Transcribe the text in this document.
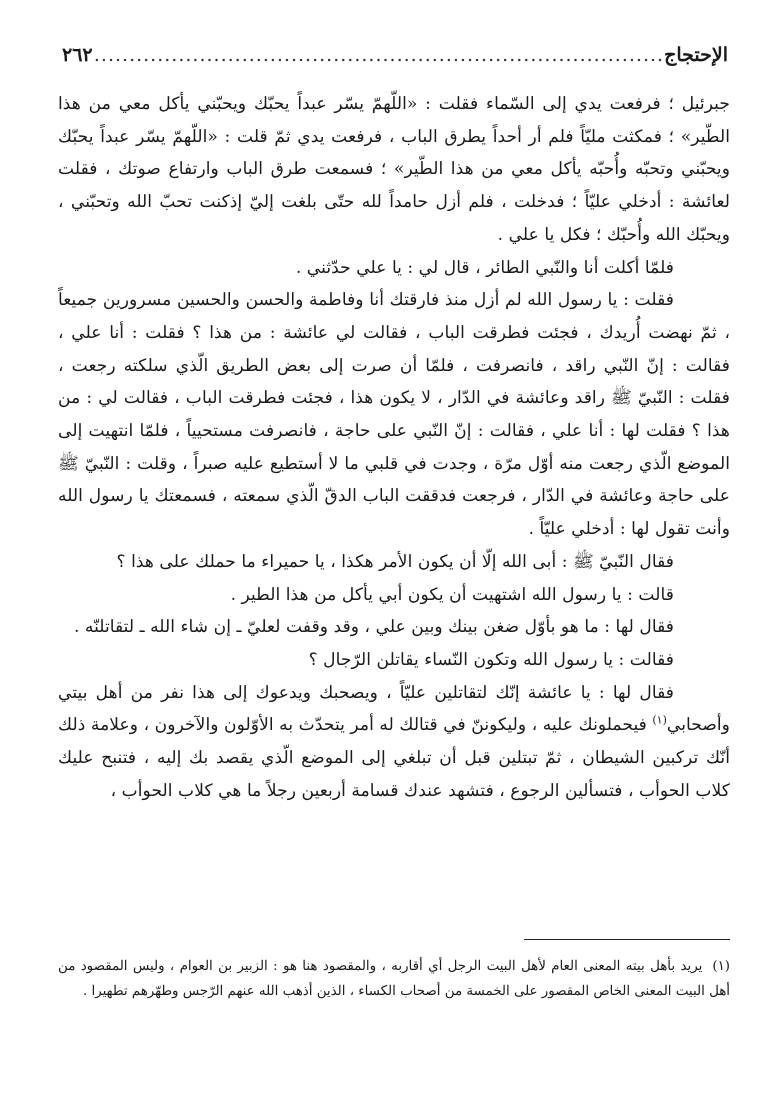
الإحتجاج
.....
٢٦٢

جبرئيل ؛ فرفعت يدي إلى السّماء فقلت : «اللّهمّ يسّر عبداً يحبّك ويحبّني يأكل معي من هذا الطّير» ؛ فمكثت مليّاً فلم أر أحداً يطرق الباب ، فرفعت يدي ثمّ قلت : «اللّهمّ يسّر عبداً يحبّك ويحبّني وتحبّه وأُحبّه يأكل معي من هذا الطّير» ؛ فسمعت طرق الباب وارتفاع صوتك ، فقلت لعائشة : أدخلي عليّاً ؛ فدخلت ، فلم أزل حامداً لله حتّى بلغت إليّ إذكنت تحبّ الله وتحبّني ، ويحبّك الله وأُحبّك ؛ فكل يا علي .

فلمّا أكلت أنا والنّبي الطائر ، قال لي : يا علي حدّثني .

فقلت : يا رسول الله لم أزل منذ فارقتك أنا وفاطمة والحسن والحسين مسرورين جميعاً ، ثمّ نهضت أُريدك ، فجئت فطرقت الباب ، فقالت لي عائشة : من هذا ؟ فقلت : أنا علي ، فقالت : إنّ النّبي راقد ، فانصرفت ، فلمّا أن صرت إلى بعض الطريق الّذي سلكته رجعت ، فقلت : النّبيّ ﷺ راقد وعائشة في الدّار ، لا يكون هذا ، فجئت فطرقت الباب ، فقالت لي : من هذا ؟ فقلت لها : أنا علي ، فقالت : إنّ النّبي على حاجة ، فانصرفت مستحيياً ، فلمّا انتهيت إلى الموضع الّذي رجعت منه أوّل مرّة ، وجدت في قلبي ما لا أستطيع عليه صبراً ، وقلت : النّبيّ ﷺ على حاجة وعائشة في الدّار ، فرجعت فدققت الباب الدقّ الّذي سمعته ، فسمعتك يا رسول الله وأنت تقول لها : أدخلي عليّاً .

فقال النّبيّ ﷺ : أبى الله إلّا أن يكون الأمر هكذا ، يا حميراء ما حملك على هذا ؟

قالت : يا رسول الله اشتهيت أن يكون أبي يأكل من هذا الطير .

فقال لها : ما هو بأوّل ضغن بينك وبين علي ، وقد وقفت لعليّ ـ إن شاء الله ـ لتقاتلنّه .

فقالت : يا رسول الله وتكون النّساء يقاتلن الرّجال ؟

فقال لها : يا عائشة إنّك لتقاتلين عليّاً ، ويصحبك ويدعوك إلى هذا نفر من أهل بيتي وأصحابي$^{(١)}$ فيحملونك عليه ، وليكوننّ في قتالك له أمر يتحدّث به الأوّلون والآخرون ، وعلامة ذلك أنّك تركبين الشيطان ، ثمّ تبتلين قبل أن تبلغي إلى الموضع الّذي يقصد بك إليه ، فتنبح عليك كلاب الحوأب ، فتسألين الرجوع ، فتشهد عندك قسامة أربعين رجلاً ما هي كلاب الحوأب ،

(١)يريد بأهل بيته المعنى العام لأهل البيت الرجل أي أقاربه ، والمقصود هنا هو : الزبير بن العوام ، وليس المقصود من أهل البيت المعنى الخاص المقصور على الخمسة من أصحاب الكساء ، الذين أذهب الله عنهم الرّجس وطهّرهم تطهيرا .
